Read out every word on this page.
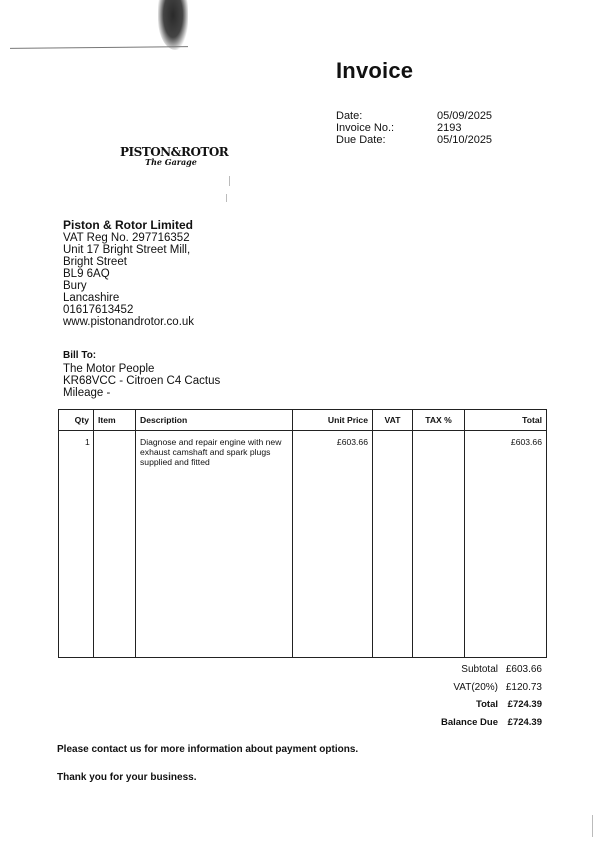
Invoice
Date:	05/09/2025
Invoice No.:	2193
Due Date:	05/10/2025
PISTON&ROTOR
The Garage
Piston & Rotor Limited
VAT Reg No. 297716352
Unit 17 Bright Street Mill,
Bright Street
BL9 6AQ
Bury
Lancashire
01617613452
www.pistonandrotor.co.uk
Bill To:
The Motor People
KR68VCC - Citroen C4 Cactus
Mileage -
Qty	Item	Description	Unit Price	VAT	TAX %	Total
1		Diagnose and repair engine with new exhaust camshaft and spark plugs supplied and fitted	£603.66			£603.66
Subtotal £603.66
VAT(20%) £120.73
Total	£724.39
Balance Due	£724.39
Please contact us for more information about payment options.
Thank you for your business.
